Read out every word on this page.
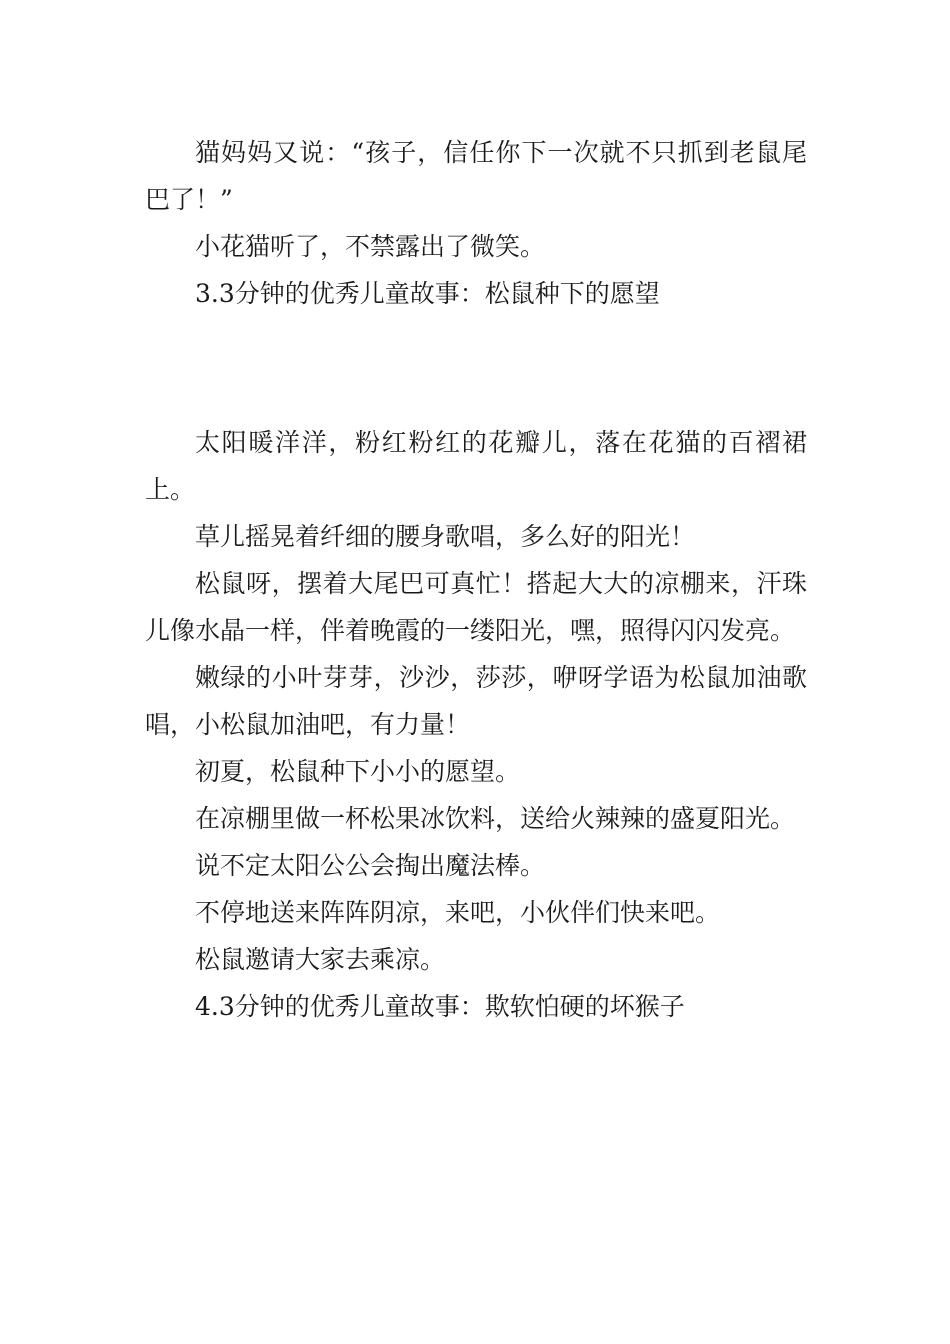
猫妈妈又说：“孩子，信任你下一次就不只抓到老鼠尾巴了！”

小花猫听了，不禁露出了微笑。

3.3分钟的优秀儿童故事：松鼠种下的愿望

太阳暖洋洋，粉红粉红的花瓣儿，落在花猫的百褶裙上。

草儿摇晃着纤细的腰身歌唱，多么好的阳光！

松鼠呀，摆着大尾巴可真忙！搭起大大的凉棚来，汗珠儿像水晶一样，伴着晚霞的一缕阳光，嘿，照得闪闪发亮。

嫩绿的小叶芽芽，沙沙，莎莎，咿呀学语为松鼠加油歌唱，小松鼠加油吧，有力量！

初夏，松鼠种下小小的愿望。

在凉棚里做一杯松果冰饮料，送给火辣辣的盛夏阳光。

说不定太阳公公会掏出魔法棒。

不停地送来阵阵阴凉，来吧，小伙伴们快来吧。

松鼠邀请大家去乘凉。

4.3分钟的优秀儿童故事：欺软怕硬的坏猴子
